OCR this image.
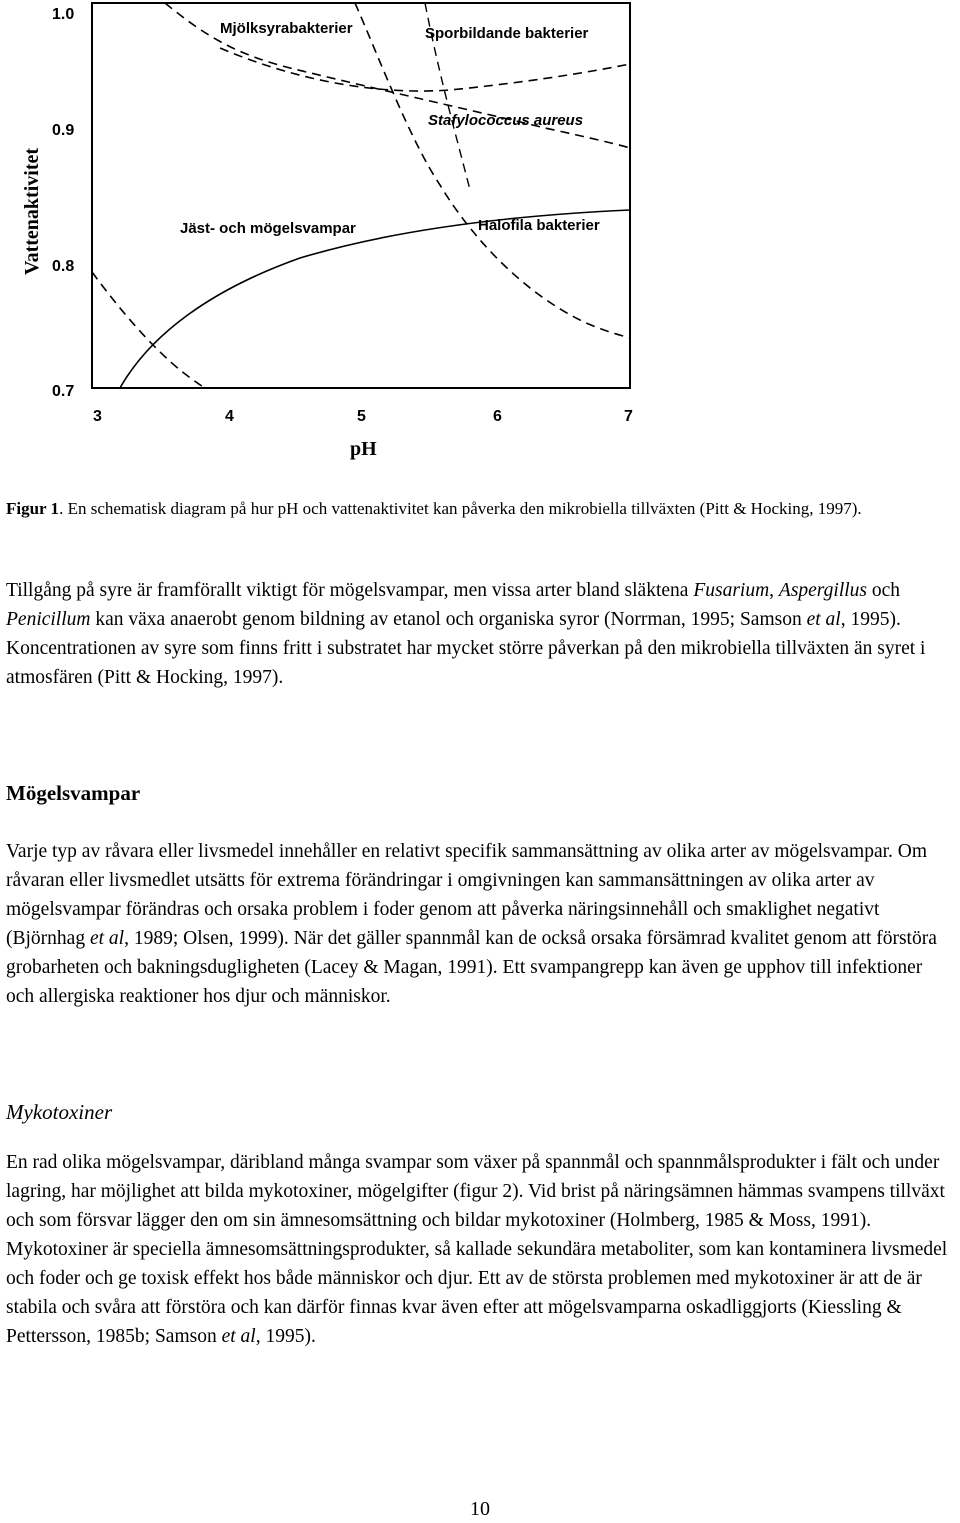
Vattenaktivitet
1.0
0.9
0.8
0.7
3	4	5	6	7
pH
Mjölksyrabakterier	Sporbildande bakterier
Stafylococcus aureus
Jäst- och mögelsvampar	Halofila bakterier
Figur 1. En schematisk diagram på hur pH och vattenaktivitet kan påverka den mikrobiella tillväxten (Pitt & Hocking, 1997).
Tillgång på syre är framförallt viktigt för mögelsvampar, men vissa arter bland släktena Fusarium, Aspergillus och Penicillum kan växa anaerobt genom bildning av etanol och organiska syror (Norrman, 1995; Samson et al, 1995). Koncentrationen av syre som finns fritt i substratet har mycket större påverkan på den mikrobiella tillväxten än syret i atmosfären (Pitt & Hocking, 1997).
Mögelsvampar
Varje typ av råvara eller livsmedel innehåller en relativt specifik sammansättning av olika arter av mögelsvampar. Om råvaran eller livsmedlet utsätts för extrema förändringar i omgivningen kan sammansättningen av olika arter av mögelsvampar förändras och orsaka problem i foder genom att påverka näringsinnehåll och smaklighet negativt (Björnhag et al, 1989; Olsen, 1999). När det gäller spannmål kan de också orsaka försämrad kvalitet genom att förstöra grobarheten och bakningsdugligheten (Lacey & Magan, 1991). Ett svampangrepp kan även ge upphov till infektioner och allergiska reaktioner hos djur och människor.
Mykotoxiner
En rad olika mögelsvampar, däribland många svampar som växer på spannmål och spannmålsprodukter i fält och under lagring, har möjlighet att bilda mykotoxiner, mögelgifter (figur 2). Vid brist på näringsämnen hämmas svampens tillväxt och som försvar lägger den om sin ämnesomsättning och bildar mykotoxiner (Holmberg, 1985 & Moss, 1991). Mykotoxiner är speciella ämnesomsättningsprodukter, så kallade sekundära metaboliter, som kan kontaminera livsmedel och foder och ge toxisk effekt hos både människor och djur. Ett av de största problemen med mykotoxiner är att de är stabila och svåra att förstöra och kan därför finnas kvar även efter att mögelsvamparna oskadliggjorts (Kiessling & Pettersson, 1985b; Samson et al, 1995).
10
